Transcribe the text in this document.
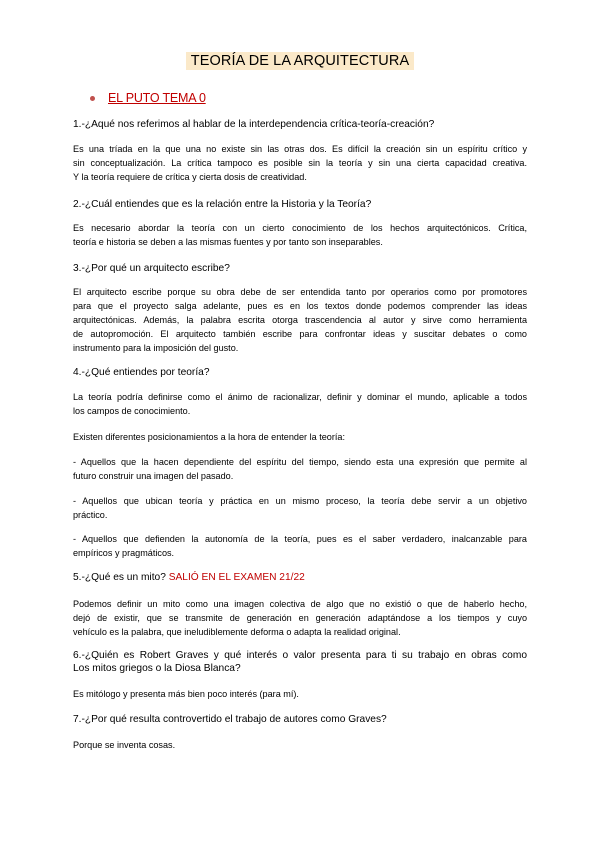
TEORÍA DE LA ARQUITECTURA
EL PUTO TEMA 0
1.-¿Aqué nos referimos al hablar de la interdependencia crítica-teoría-creación?
Es una tríada en la que una no existe sin las otras dos. Es difícil la creación sin un espíritu crítico y
sin conceptualización. La crítica tampoco es posible sin la teoría y sin una cierta capacidad creativa.
Y la teoría requiere de crítica y cierta dosis de creatividad.
2.-¿Cuál entiendes que es la relación entre la Historia y la Teoría?
Es necesario abordar la teoría con un cierto conocimiento de los hechos arquitectónicos. Crítica,
teoría e historia se deben a las mismas fuentes y por tanto son inseparables.
3.-¿Por qué un arquitecto escribe?
El arquitecto escribe porque su obra debe de ser entendida tanto por operarios como por promotores
para que el proyecto salga adelante, pues es en los textos donde podemos comprender las ideas
arquitectónicas. Además, la palabra escrita otorga trascendencia al autor y sirve como herramienta
de autopromoción. El arquitecto también escribe para confrontar ideas y suscitar debates o como
instrumento para la imposición del gusto.
4.-¿Qué entiendes por teoría?
La teoría podría definirse como el ánimo de racionalizar, definir y dominar el mundo, aplicable a todos
los campos de conocimiento.
Existen diferentes posicionamientos a la hora de entender la teoría:
- Aquellos que la hacen dependiente del espíritu del tiempo, siendo esta una expresión que permite al
futuro construir una imagen del pasado.
- Aquellos que ubican teoría y práctica en un mismo proceso, la teoría debe servir a un objetivo
práctico.
- Aquellos que defienden la autonomía de la teoría, pues es el saber verdadero, inalcanzable para
empíricos y pragmáticos.
5.-¿Qué es un mito? SALIÓ EN EL EXAMEN 21/22
Podemos definir un mito como una imagen colectiva de algo que no existió o que de haberlo hecho,
dejó de existir, que se transmite de generación en generación adaptándose a los tiempos y cuyo
vehículo es la palabra, que ineludiblemente deforma o adapta la realidad original.
6.-¿Quién es Robert Graves y qué interés o valor presenta para ti su trabajo en obras como
Los mitos griegos o la Diosa Blanca?
Es mitólogo y presenta más bien poco interés (para mí).
7.-¿Por qué resulta controvertido el trabajo de autores como Graves?
Porque se inventa cosas.
